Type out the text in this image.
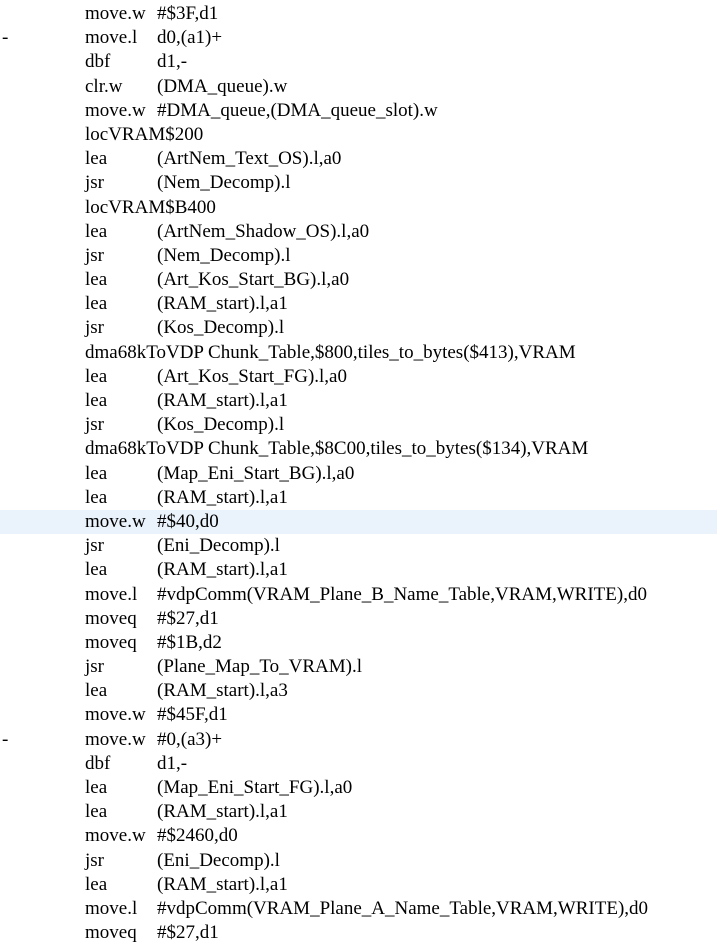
move.w #$3F,d1
-	move.l	d0,(a1)+
dbf	d1,-
clr.w	(DMA_queue).w
move.w #DMA_queue,(DMA_queue_slot).w
locVRAM $200
lea	(ArtNem_Text_OS).l,a0
jsr	(Nem_Decomp).l
locVRAM $B400
lea	(ArtNem_Shadow_OS).l,a0
jsr	(Nem_Decomp).l
lea	(Art_Kos_Start_BG).l,a0
lea	(RAM_start).l,a1
jsr	(Kos_Decomp).l
dma68kToVDP Chunk_Table,$800,tiles_to_bytes($413),VRAM
lea	(Art_Kos_Start_FG).l,a0
lea	(RAM_start).l,a1
jsr	(Kos_Decomp).l
dma68kToVDP Chunk_Table,$8C00,tiles_to_bytes($134),VRAM
lea	(Map_Eni_Start_BG).l,a0
lea	(RAM_start).l,a1
move.w #$40,d0
jsr	(Eni_Decomp).l
lea	(RAM_start).l,a1
move.l	#vdpComm(VRAM_Plane_B_Name_Table,VRAM,WRITE),d0
moveq	#$27,d1
moveq	#$1B,d2
jsr	(Plane_Map_To_VRAM).l
lea	(RAM_start).l,a3
move.w #$45F,d1
-	move.w #0,(a3)+
dbf	d1,-
lea	(Map_Eni_Start_FG).l,a0
lea	(RAM_start).l,a1
move.w #$2460,d0
jsr	(Eni_Decomp).l
lea	(RAM_start).l,a1
move.l	#vdpComm(VRAM_Plane_A_Name_Table,VRAM,WRITE),d0
moveq	#$27,d1
